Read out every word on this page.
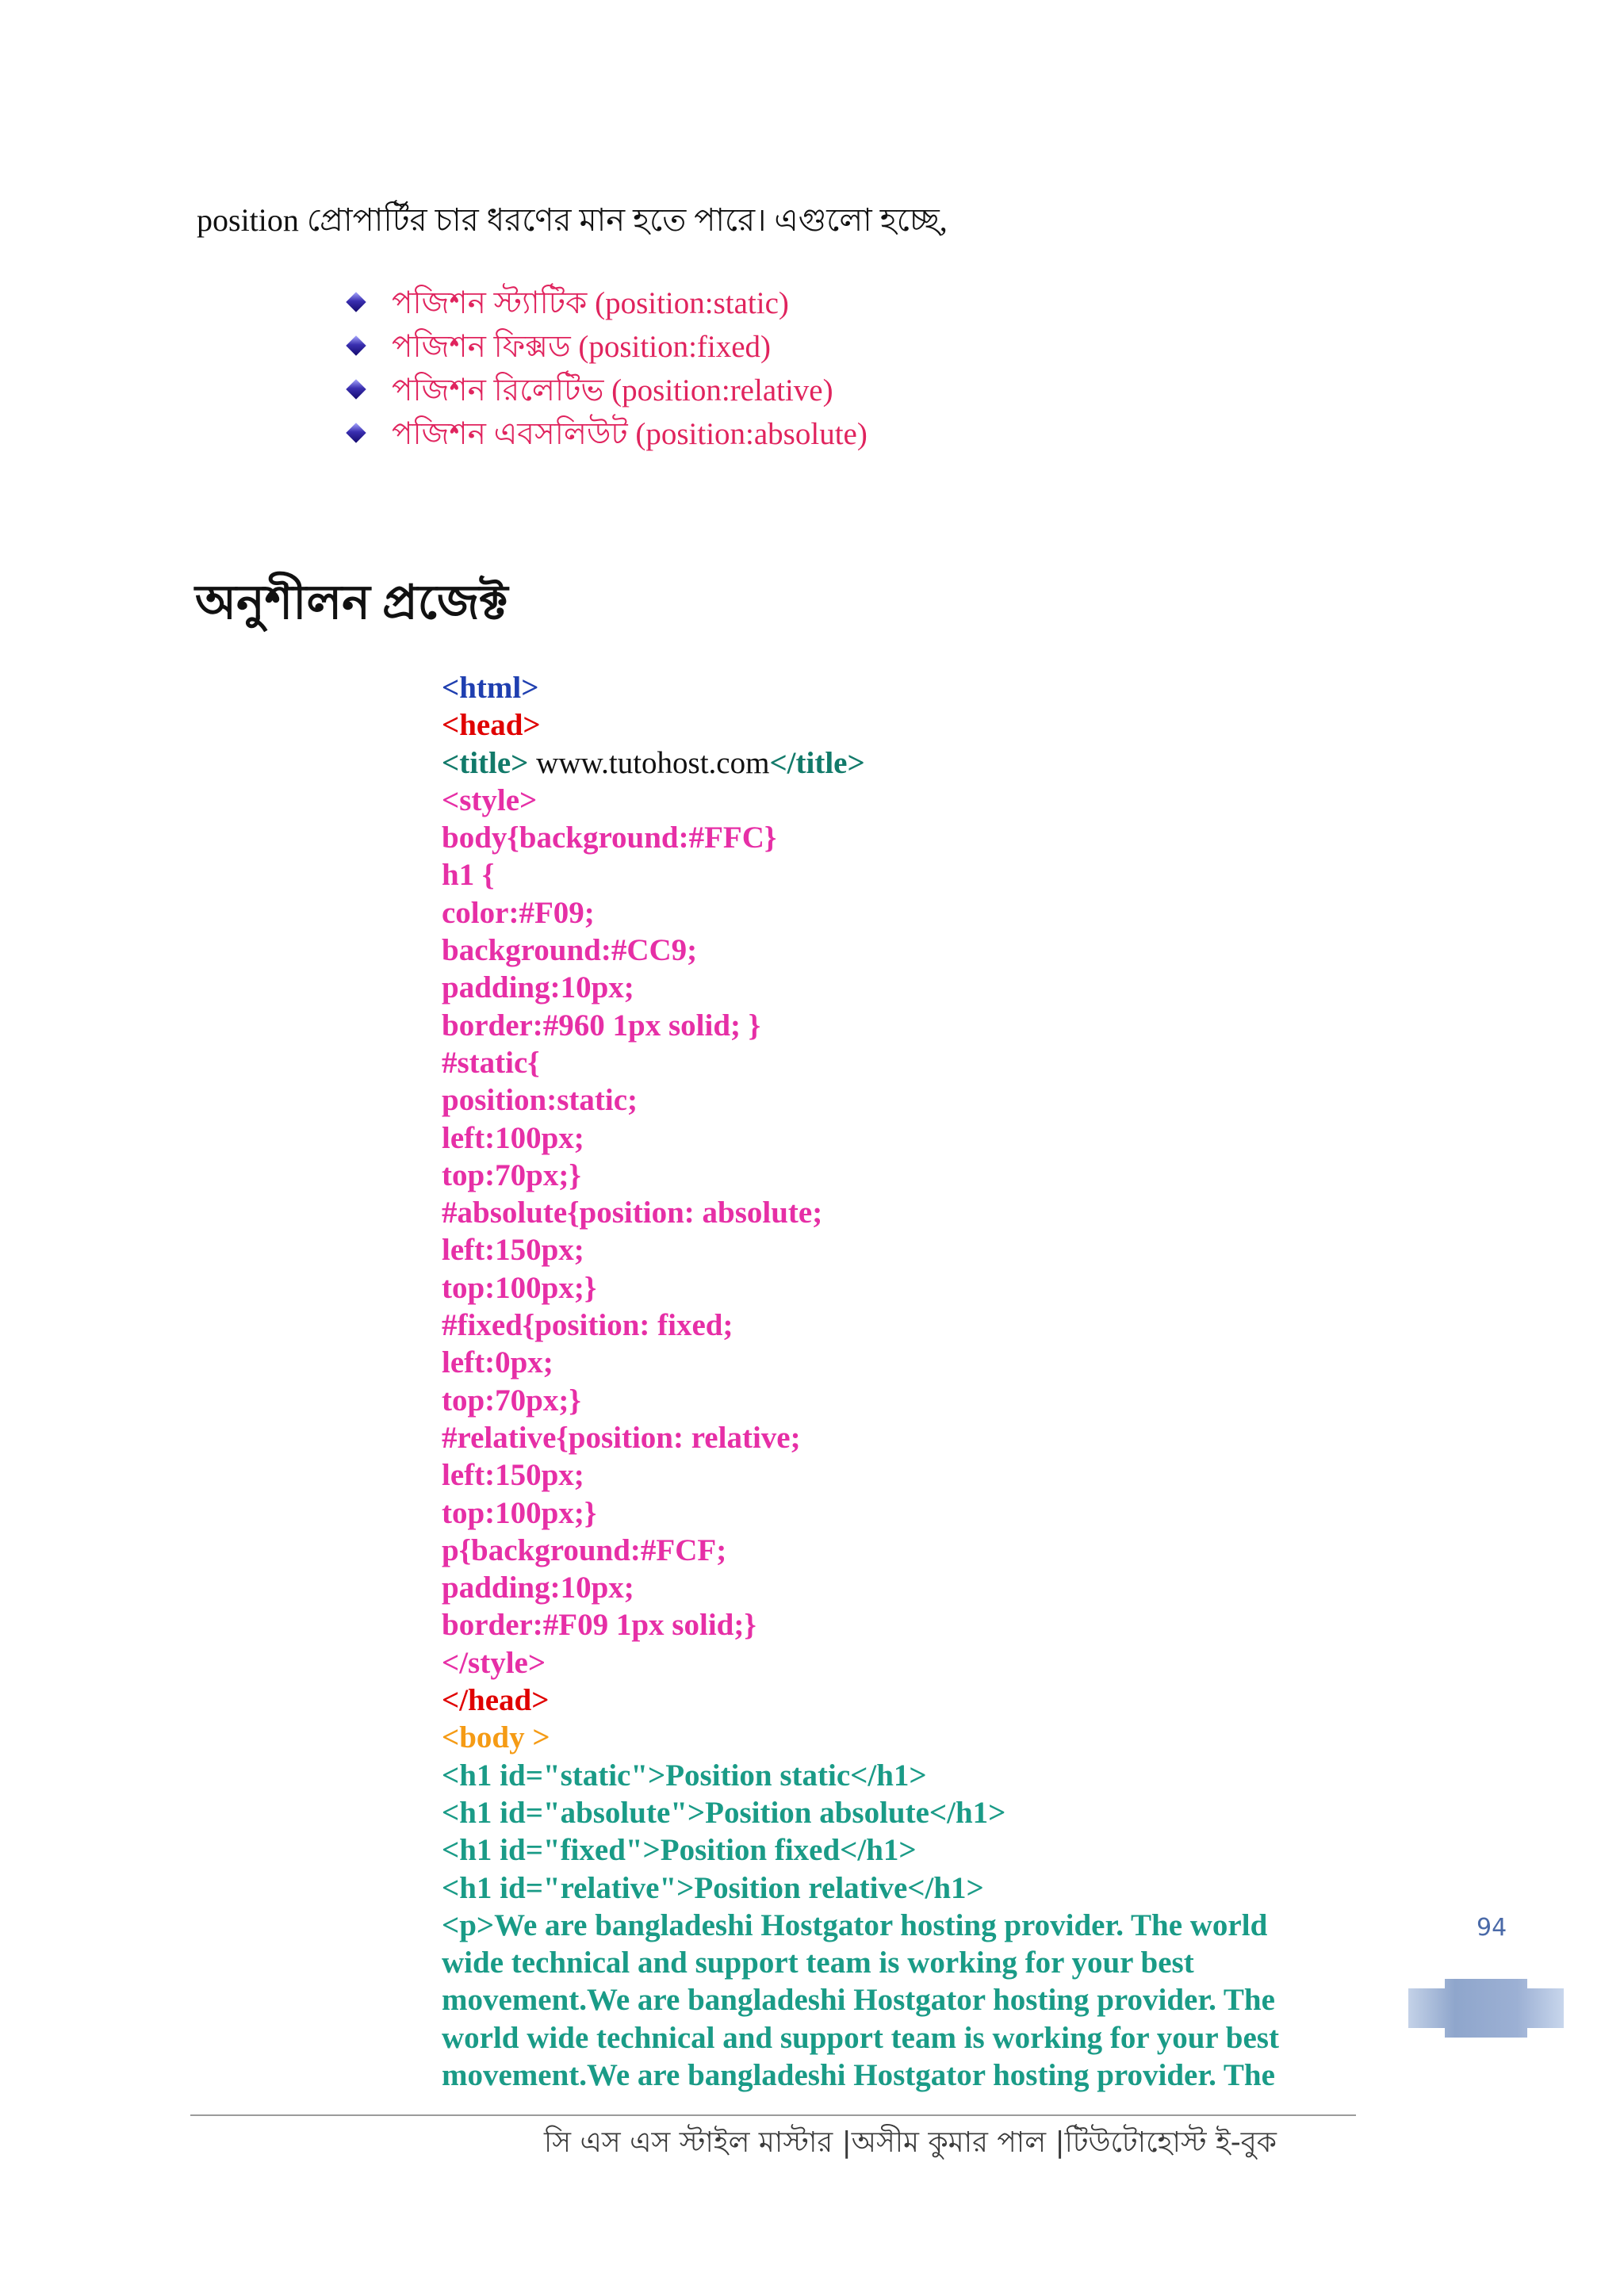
position প্রোপার্টির চার ধরণের মান হতে পারে। এগুলো হচ্ছে,
পজিশন স্ট্যাটিক (position:static)
পজিশন ফিক্সড (position:fixed)
পজিশন রিলেটিভ (position:relative)
পজিশন এবসলিউট (position:absolute)
অনুশীলন প্রজেক্ট
<html>
<head>
<title> www.tutohost.com</title>
<style>
body{background:#FFC}
h1 {
color:#F09;
background:#CC9;
padding:10px;
border:#960 1px solid; }
#static{
position:static;
left:100px;
top:70px;}
#absolute{position: absolute;
left:150px;
top:100px;}
#fixed{position: fixed;
left:0px;
top:70px;}
#relative{position: relative;
left:150px;
top:100px;}
p{background:#FCF;
padding:10px;
border:#F09 1px solid;}
</style>
</head>
<body >
<h1 id="static">Position static</h1>
<h1 id="absolute">Position absolute</h1>
<h1 id="fixed">Position fixed</h1>
<h1 id="relative">Position relative</h1>
<p>We are bangladeshi Hostgator hosting provider. The world
wide technical and support team is working for your best
movement.We are bangladeshi Hostgator hosting provider. The
world wide technical and support team is working for your best
movement.We are bangladeshi Hostgator hosting provider. The
94
সি এস এস স্টাইল মাস্টার |অসীম কুমার পাল |টিউটোহোস্ট ই-বুক
